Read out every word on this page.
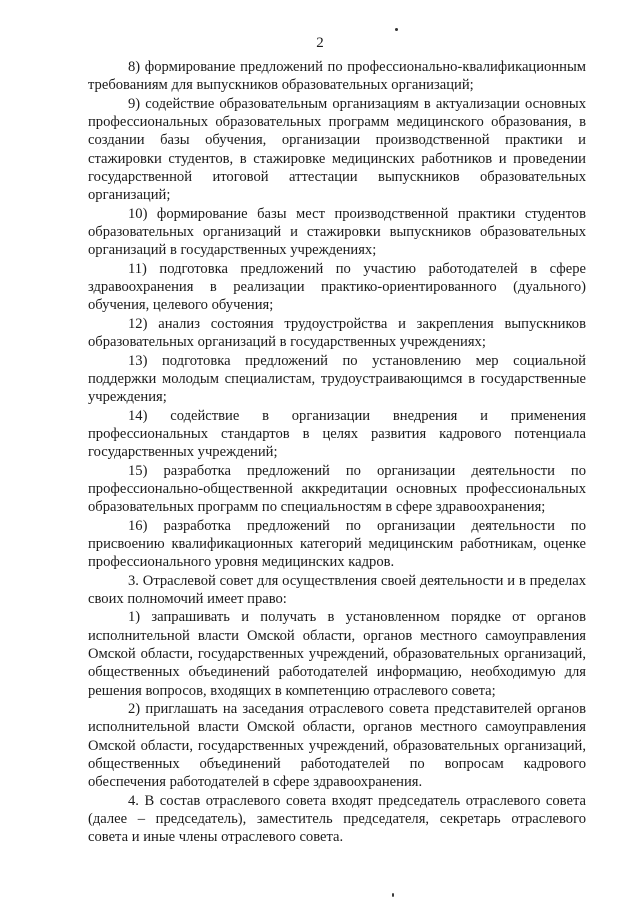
2

8) формирование предложений по профессионально-квалификационным требованиям для выпускников образовательных организаций;

9) содействие образовательным организациям в актуализации основных профессиональных образовательных программ медицинского образования, в создании базы обучения, организации производственной практики и стажировки студентов, в стажировке медицинских работников и проведении государственной итоговой аттестации выпускников образовательных организаций;

10) формирование базы мест производственной практики студентов образовательных организаций и стажировки выпускников образовательных организаций в государственных учреждениях;

11) подготовка предложений по участию работодателей в сфере здравоохранения в реализации практико-ориентированного (дуального) обучения, целевого обучения;

12) анализ состояния трудоустройства и закрепления выпускников образовательных организаций в государственных учреждениях;

13) подготовка предложений по установлению мер социальной поддержки молодым специалистам, трудоустраивающимся в государственные учреждения;

14) содействие в организации внедрения и применения профессиональных стандартов в целях развития кадрового потенциала государственных учреждений;

15) разработка предложений по организации деятельности по профессионально-общественной аккредитации основных профессиональных образовательных программ по специальностям в сфере здравоохранения;

16) разработка предложений по организации деятельности по присвоению квалификационных категорий медицинским работникам, оценке профессионального уровня медицинских кадров.

3. Отраслевой совет для осуществления своей деятельности и в пределах своих полномочий имеет право:

1) запрашивать и получать в установленном порядке от органов исполнительной власти Омской области, органов местного самоуправления Омской области, государственных учреждений, образовательных организаций, общественных объединений работодателей информацию, необходимую для решения вопросов, входящих в компетенцию отраслевого совета;

2) приглашать на заседания отраслевого совета представителей органов исполнительной власти Омской области, органов местного самоуправления Омской области, государственных учреждений, образовательных организаций, общественных объединений работодателей по вопросам кадрового обеспечения работодателей в сфере здравоохранения.

4. В состав отраслевого совета входят председатель отраслевого совета (далее – председатель), заместитель председателя, секретарь отраслевого совета и иные члены отраслевого совета.
